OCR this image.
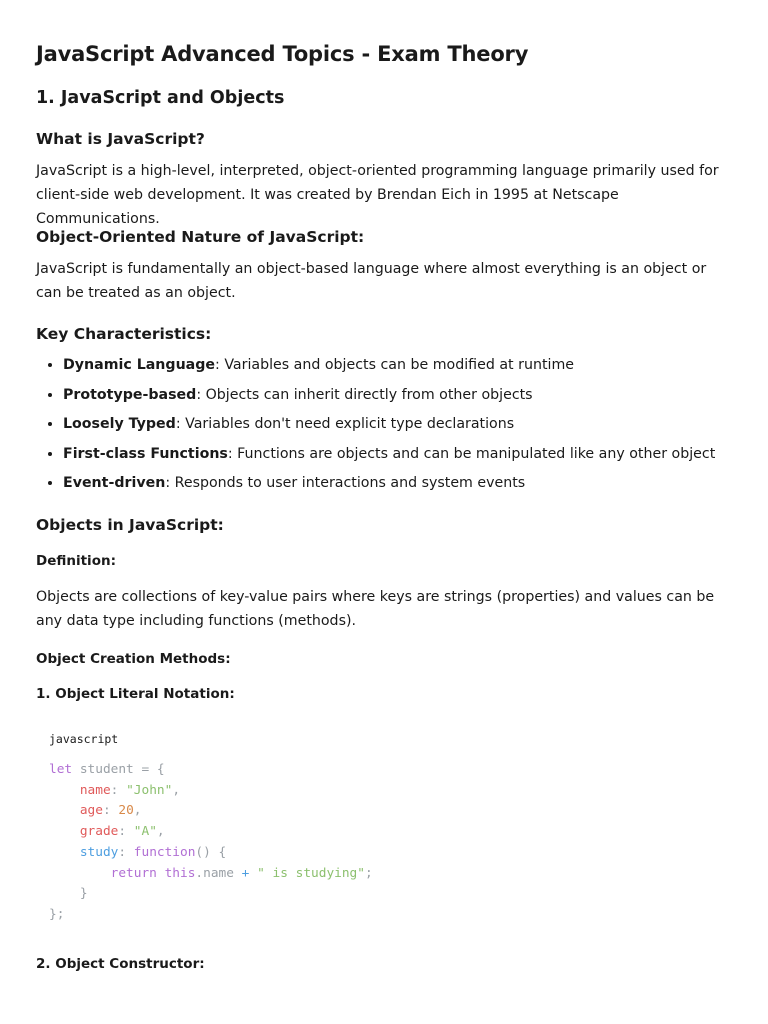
JavaScript Advanced Topics - Exam Theory
1. JavaScript and Objects
What is JavaScript?

JavaScript is a high-level, interpreted, object-oriented programming language primarily used for client-side web development. It was created by Brendan Eich in 1995 at Netscape Communications.

Object-Oriented Nature of JavaScript:

JavaScript is fundamentally an object-based language where almost everything is an object or can be treated as an object.

Key Characteristics:
• Dynamic Language: Variables and objects can be modified at runtime
• Prototype-based: Objects can inherit directly from other objects
• Loosely Typed: Variables don't need explicit type declarations
• First-class Functions: Functions are objects and can be manipulated like any other object
• Event-driven: Responds to user interactions and system events
Objects in JavaScript:
Definition:

Objects are collections of key-value pairs where keys are strings (properties) and values can be any data type including functions (methods).

Object Creation Methods:
1. Object Literal Notation:
javascript
let student = {
name: "John",
age: 20,
grade: "A",
study: function() {
return this.name + " is studying";
}
};
2. Object Constructor:
